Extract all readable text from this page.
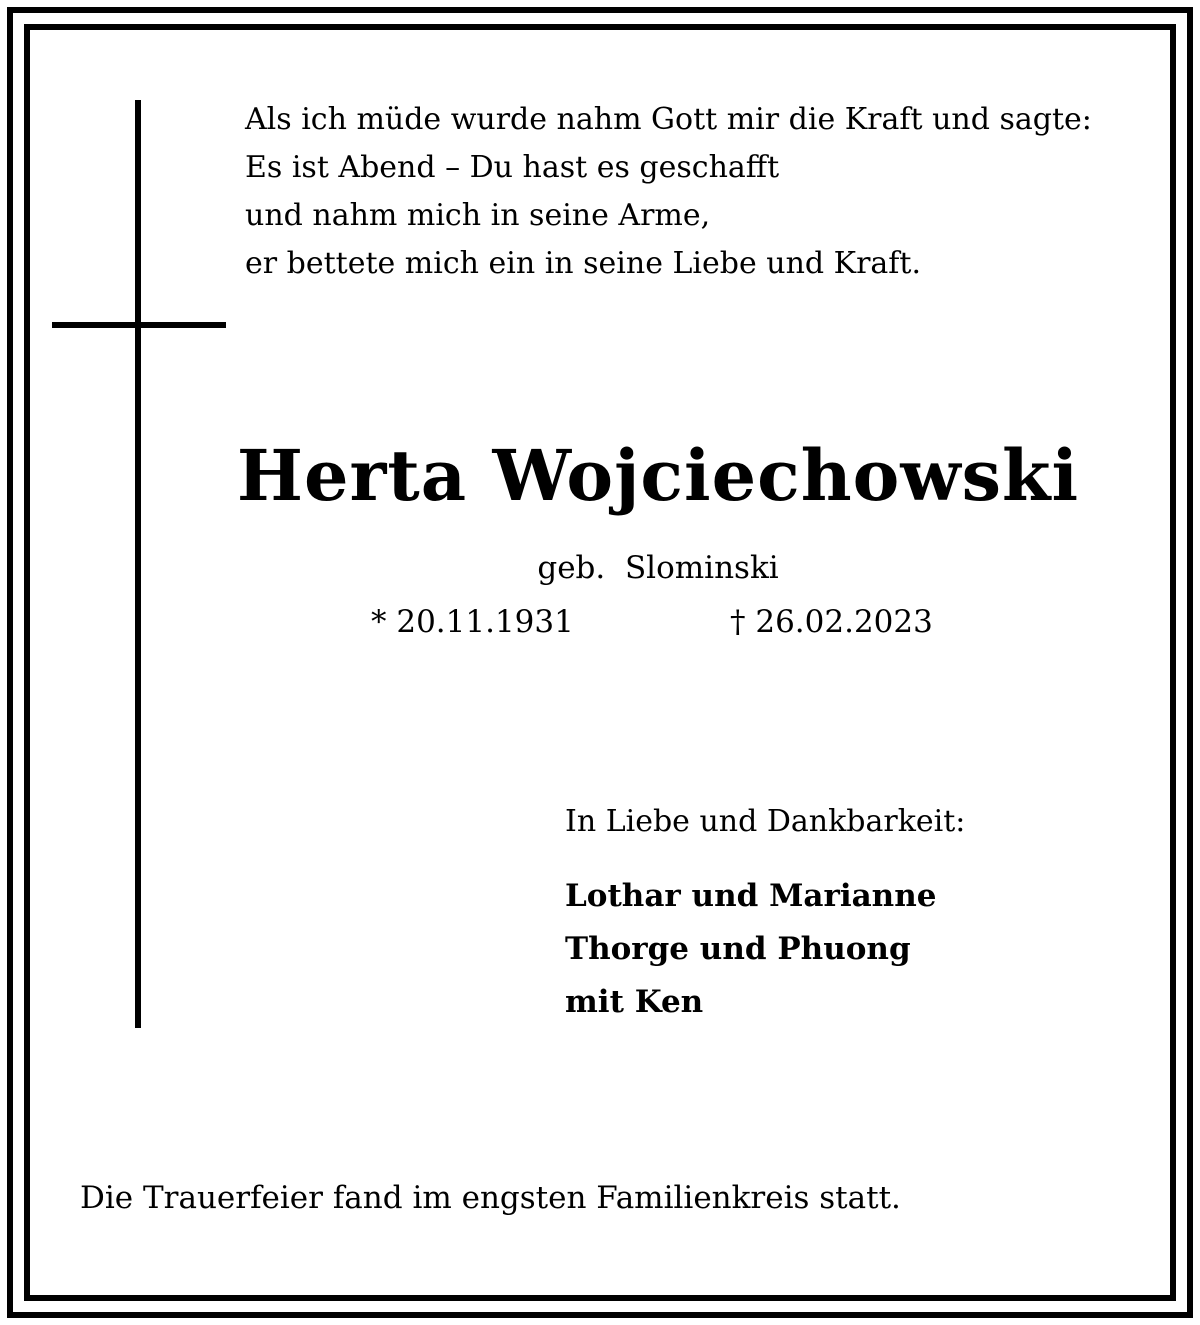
Als ich müde wurde nahm Gott mir die Kraft und sagte:
Es ist Abend – Du hast es geschafft
und nahm mich in seine Arme,
er bettete mich ein in seine Liebe und Kraft.
Herta Wojciechowski
geb.  Slominski
* 20.11.1931	† 26.02.2023
In Liebe und Dankbarkeit:
Lothar und Marianne
Thorge und Phuong
mit Ken
Die Trauerfeier fand im engsten Familienkreis statt.
